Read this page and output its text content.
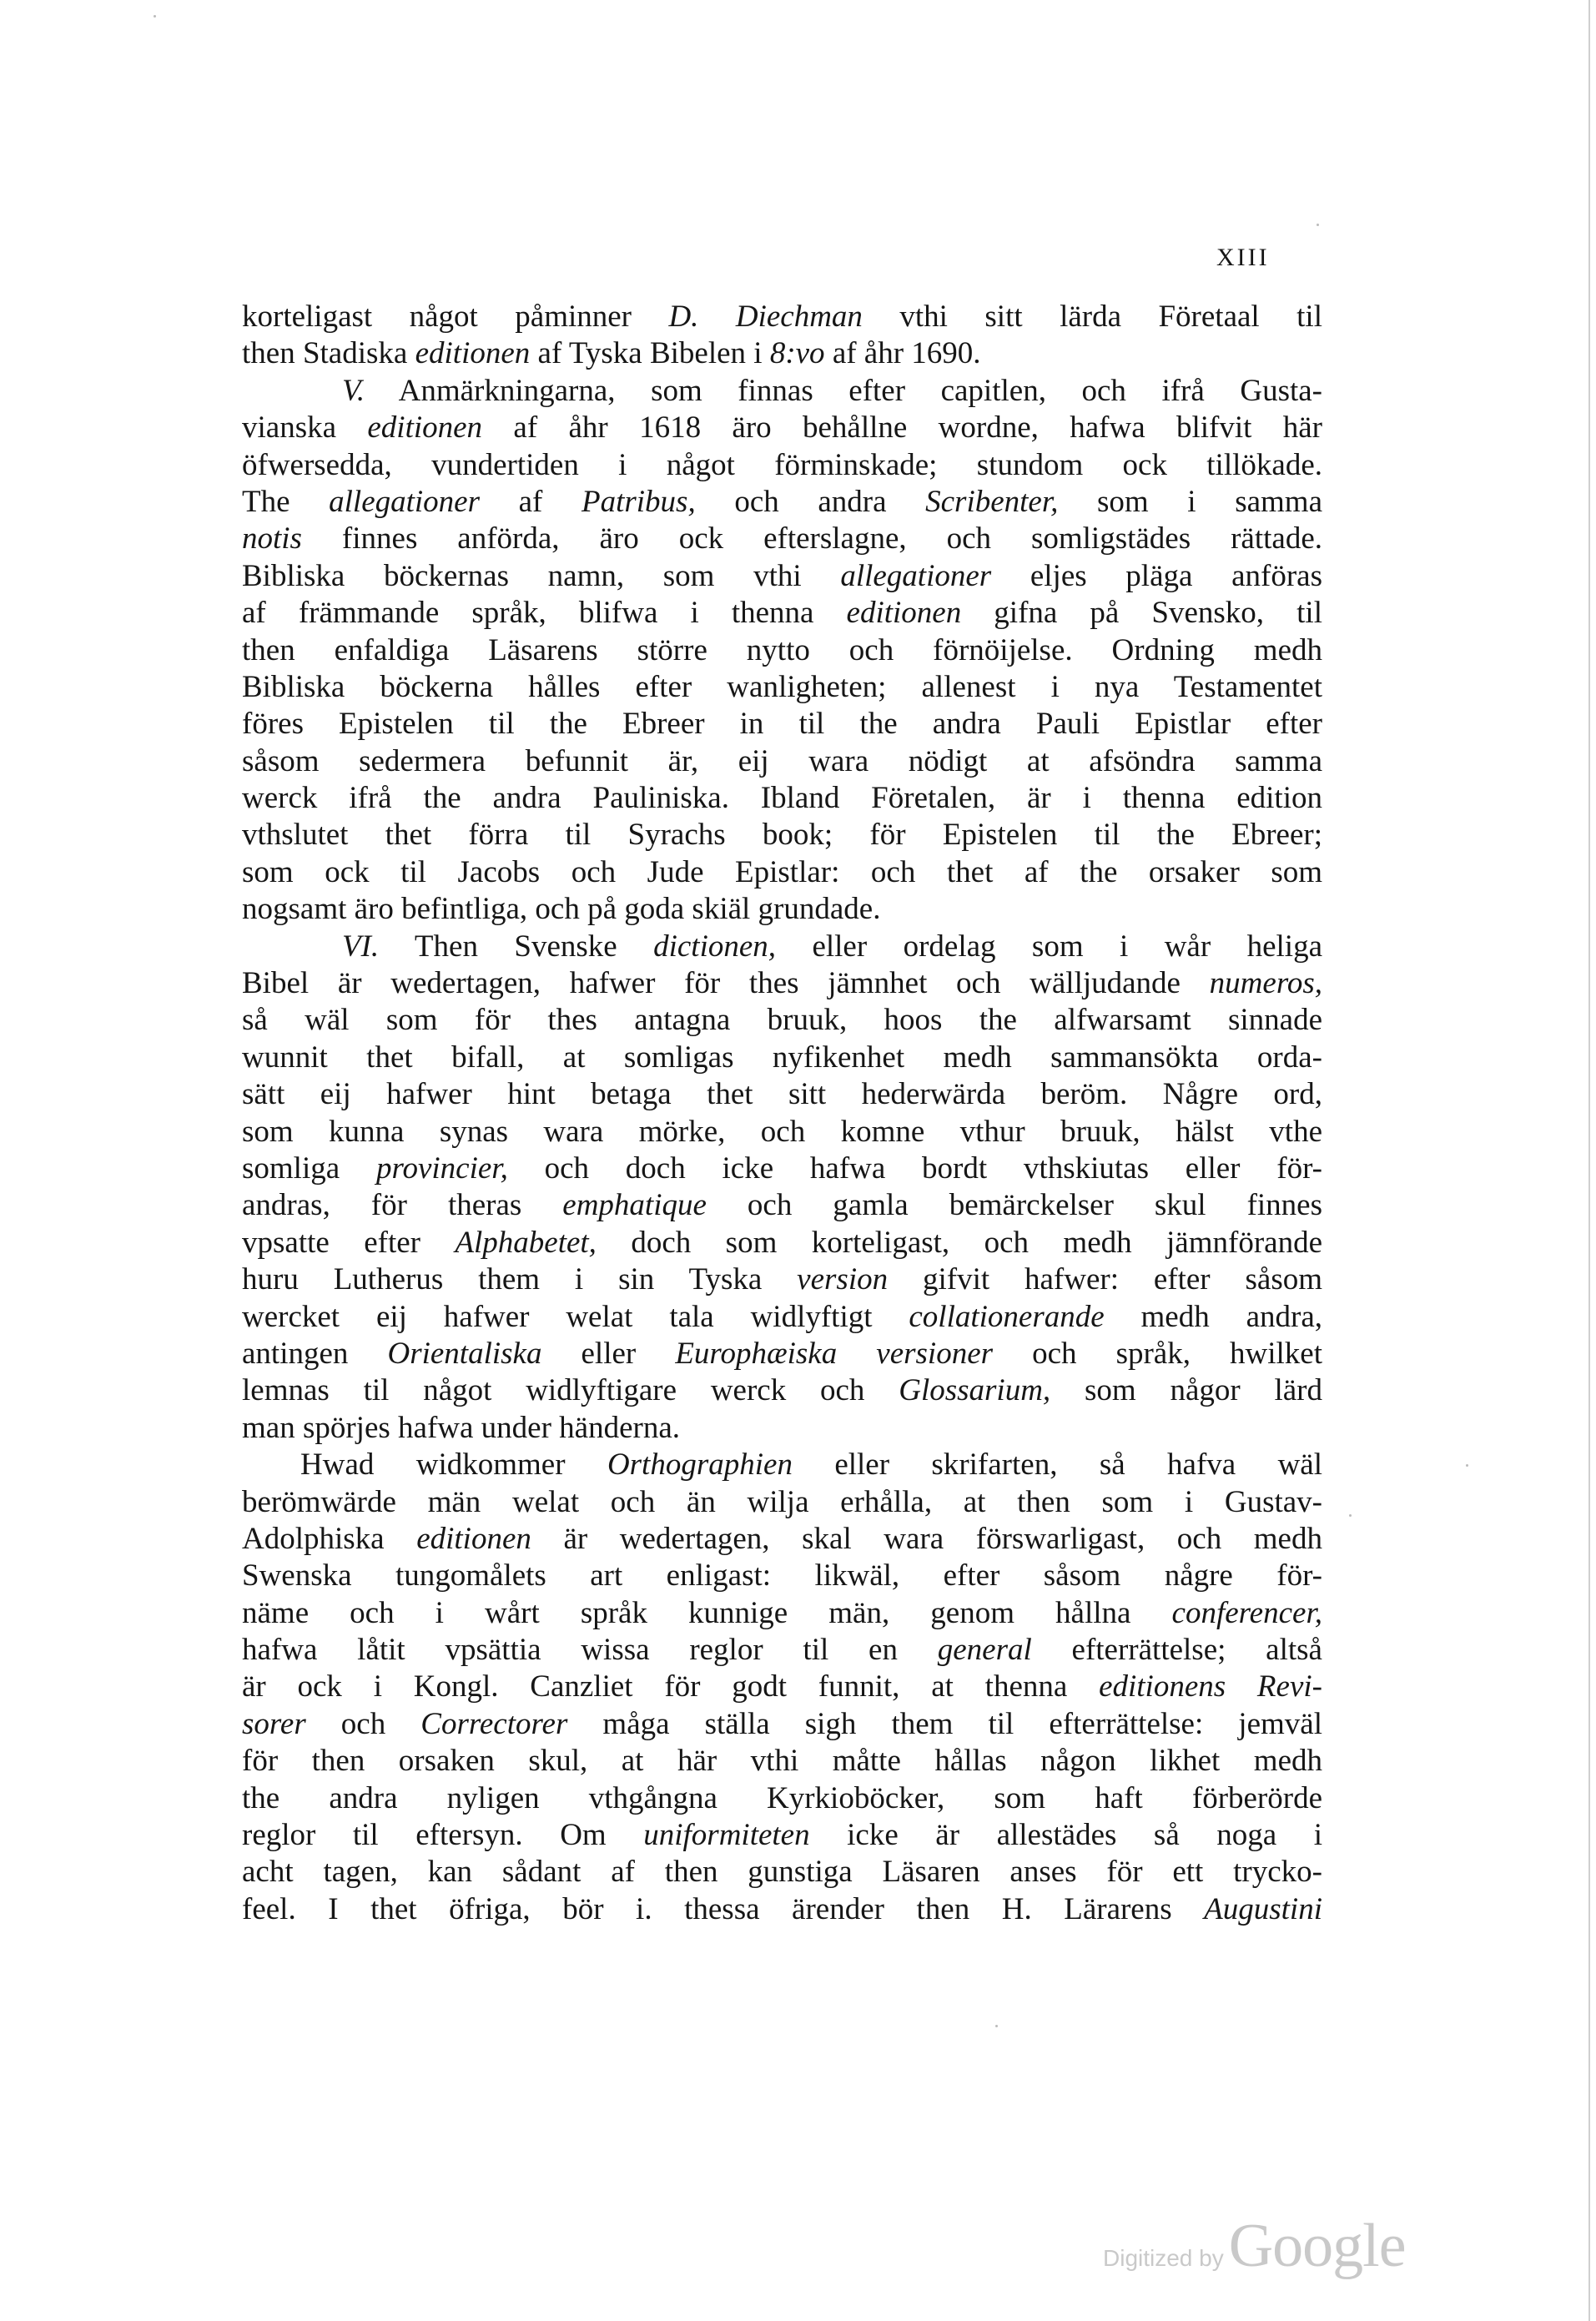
XIII
korteligast något påminner D. Diechman vthi sitt lärda Företaal til
then Stadiska editionen af Tyska Bibelen i 8:vo af åhr 1690.
V. Anmärkningarna, som finnas efter capitlen, och ifrå Gusta-
vianska editionen af åhr 1618 äro behållne wordne, hafwa blifvit här
öfwersedda, vundertiden i något förminskade; stundom ock tillökade.
The allegationer af Patribus, och andra Scribenter, som i samma
notis finnes anförda, äro ock efterslagne, och somligstädes rättade.
Bibliska böckernas namn, som vthi allegationer eljes pläga anföras
af främmande språk, blifwa i thenna editionen gifna på Svensko, til
then enfaldiga Läsarens större nytto och förnöijelse. Ordning medh
Bibliska böckerna hålles efter wanligheten; allenest i nya Testamentet
föres Epistelen til the Ebreer in til the andra Pauli Epistlar efter
såsom sedermera befunnit är, eij wara nödigt at afsöndra samma
werck ifrå the andra Pauliniska. Ibland Företalen, är i thenna edition
vthslutet thet förra til Syrachs book; för Epistelen til the Ebreer;
som ock til Jacobs och Jude Epistlar: och thet af the orsaker som
nogsamt äro befintliga, och på goda skiäl grundade.
VI. Then Svenske dictionen, eller ordelag som i wår heliga
Bibel är wedertagen, hafwer för thes jämnhet och wälljudande numeros,
så wäl som för thes antagna bruuk, hoos the alfwarsamt sinnade
wunnit thet bifall, at somligas nyfikenhet medh sammansökta orda-
sätt eij hafwer hint betaga thet sitt hederwärda beröm. Någre ord,
som kunna synas wara mörke, och komne vthur bruuk, hälst vthe
somliga provincier, och doch icke hafwa bordt vthskiutas eller för-
andras, för theras emphatique och gamla bemärckelser skul finnes
vpsatte efter Alphabetet, doch som korteligast, och medh jämnförande
huru Lutherus them i sin Tyska version gifvit hafwer: efter såsom
wercket eij hafwer welat tala widlyftigt collationerande medh andra,
antingen Orientaliska eller Europhæiska versioner och språk, hwilket
lemnas til något widlyftigare werck och Glossarium, som någor lärd
man spörjes hafwa under händerna.
Hwad widkommer Orthographien eller skrifarten, så hafva wäl
berömwärde män welat och än wilja erhålla, at then som i Gustav-
Adolphiska editionen är wedertagen, skal wara förswarligast, och medh
Swenska tungomålets art enligast: likwäl, efter såsom någre för-
näme och i wårt språk kunnige män, genom hållna conferencer,
hafwa låtit vpsättia wissa reglor til en general efterrättelse; altså
är ock i Kongl. Canzliet för godt funnit, at thenna editionens Revi-
sorer och Correctorer måga ställa sigh them til efterrättelse: jemväl
för then orsaken skul, at här vthi måtte hållas någon likhet medh
the andra nyligen vthgångna Kyrkioböcker, som haft förberörde
reglor til eftersyn. Om uniformiteten icke är allestädes så noga i
acht tagen, kan sådant af then gunstiga Läsaren anses för ett trycko-
feel. I thet öfriga, bör i. thessa ärender then H. Lärarens Augustini
Digitized by Google
